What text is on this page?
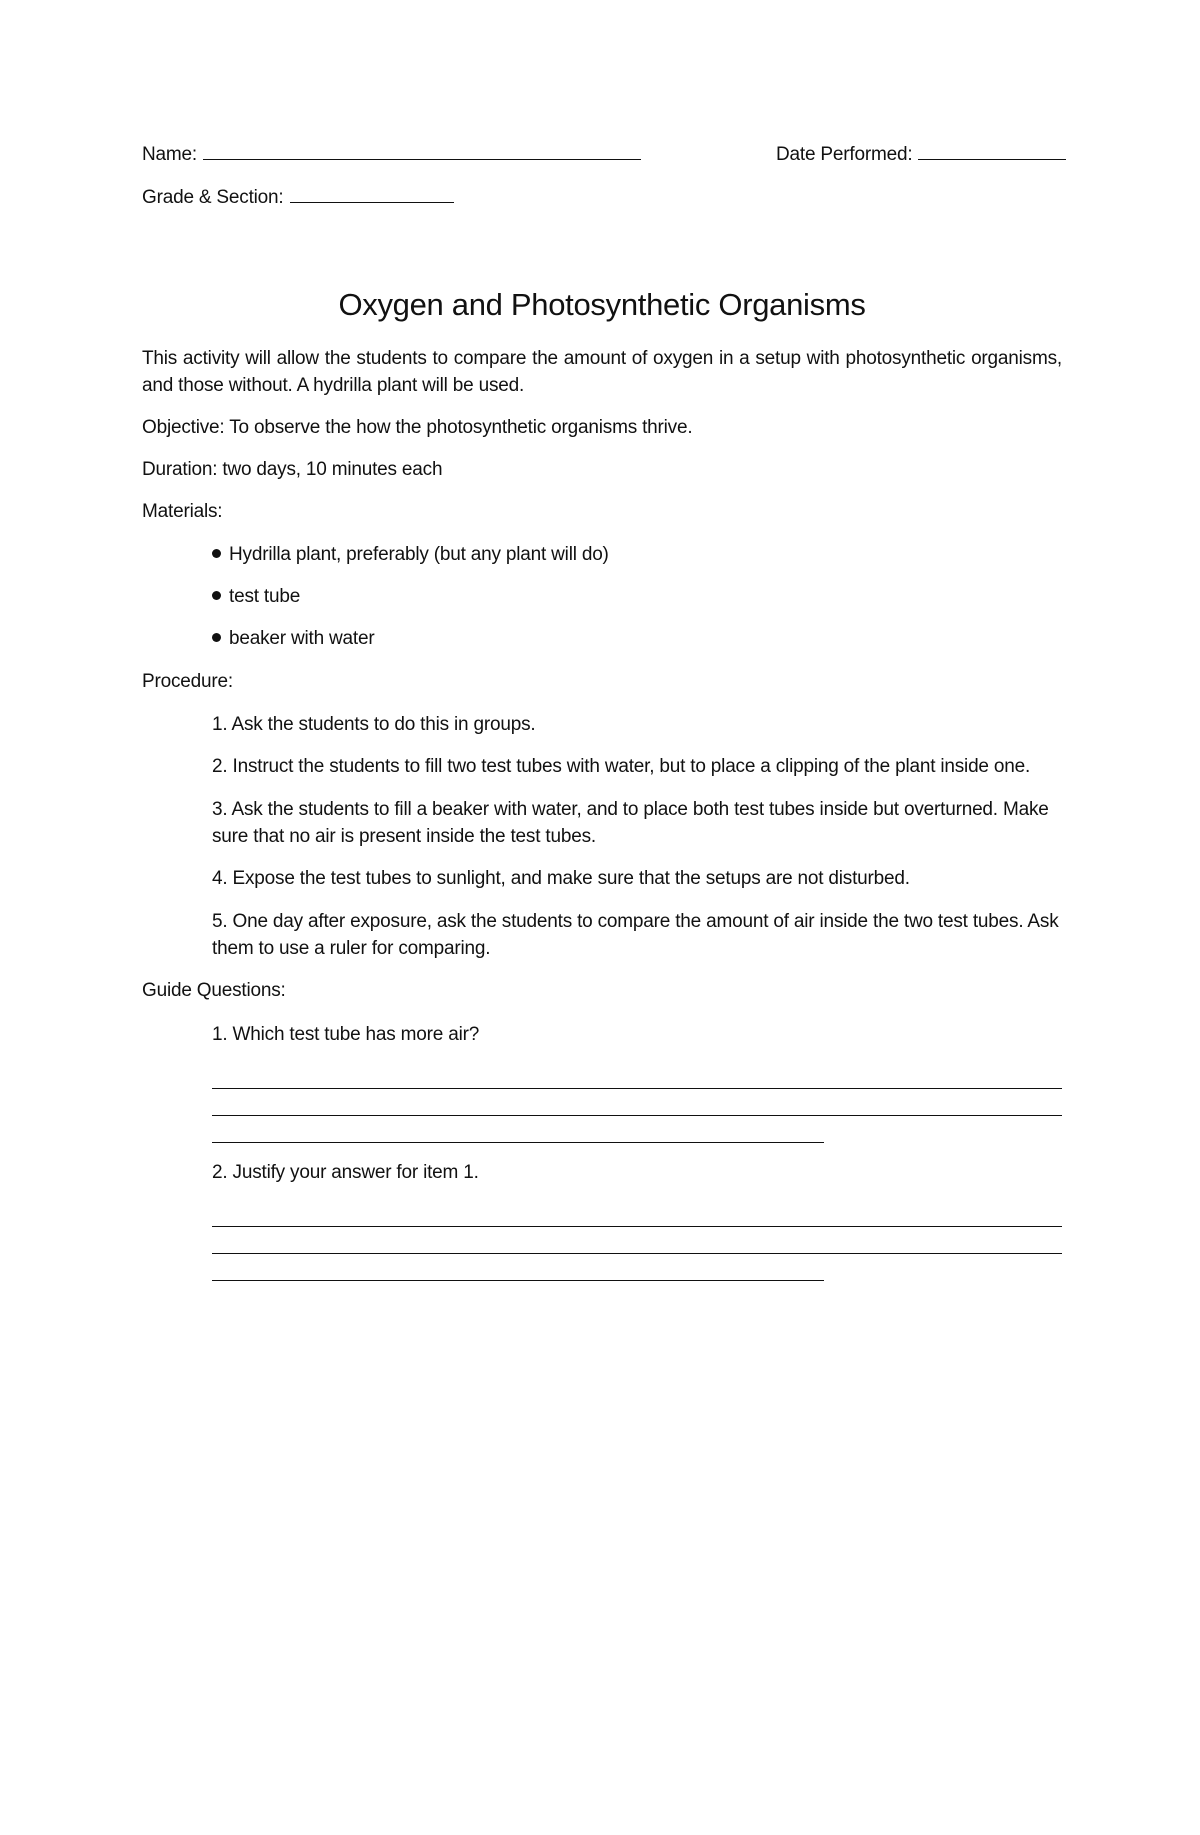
Name:	Date Performed:
Grade & Section:
Oxygen and Photosynthetic Organisms
This activity will allow the students to compare the amount of oxygen in a setup with photosynthetic organisms, and those without. A hydrilla plant will be used.
Objective: To observe the how the photosynthetic organisms thrive.
Duration: two days, 10 minutes each
Materials:
Hydrilla plant, preferably (but any plant will do)
test tube
beaker with water
Procedure:
1. Ask the students to do this in groups.
2. Instruct the students to fill two test tubes with water, but to place a clipping of the plant inside one.
3. Ask the students to fill a beaker with water, and to place both test tubes inside but overturned. Make sure that no air is present inside the test tubes.
4. Expose the test tubes to sunlight, and make sure that the setups are not disturbed.
5. One day after exposure, ask the students to compare the amount of air inside the two test tubes. Ask them to use a ruler for comparing.
Guide Questions:
1. Which test tube has more air?
2. Justify your answer for item 1.
